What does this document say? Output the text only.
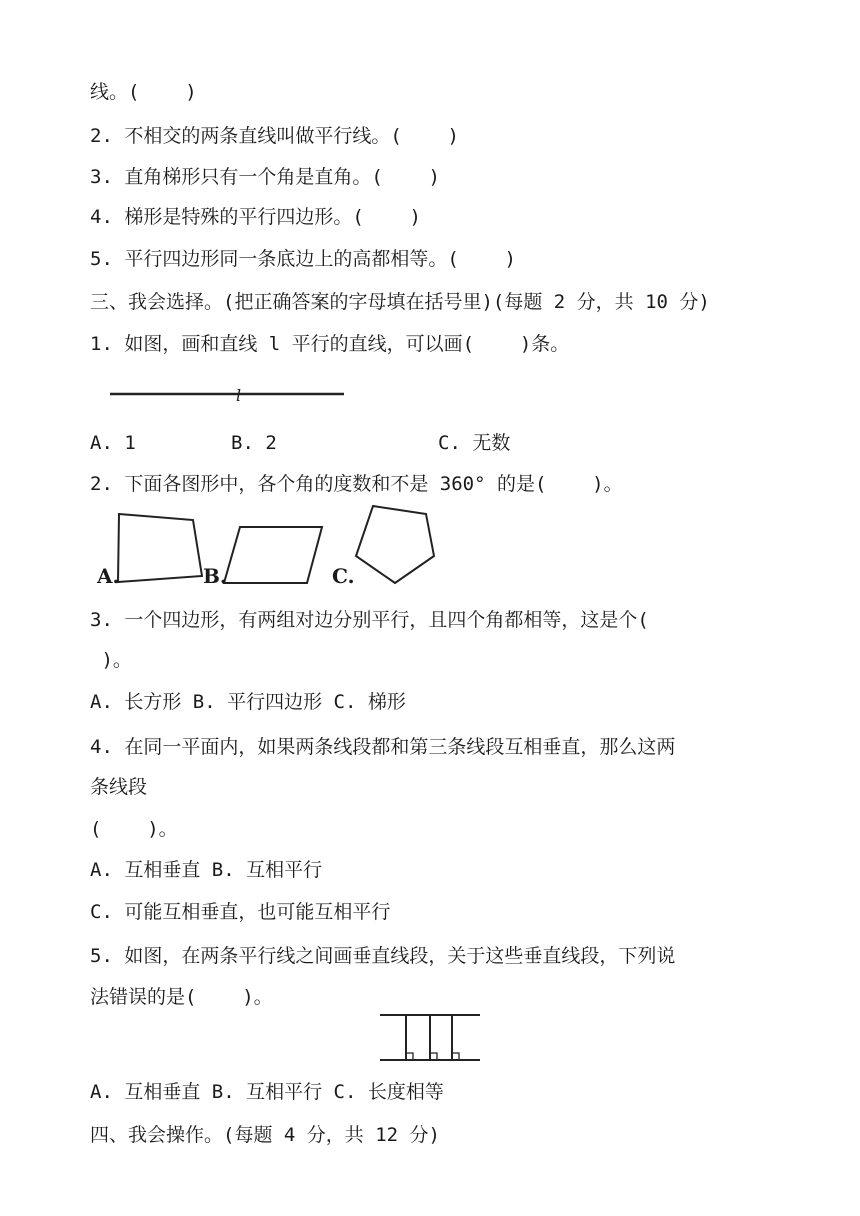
线。(    )
2. 不相交的两条直线叫做平行线。(    )
3. 直角梯形只有一个角是直角。(    )
4. 梯形是特殊的平行四边形。(    )
5. 平行四边形同一条底边上的高都相等。(    )
三、我会选择。(把正确答案的字母填在括号里)(每题 2 分，共 10 分)
1. 如图，画和直线 l 平行的直线，可以画(    )条。
l
A. 1	B. 2	C. 无数
2. 下面各图形中，各个角的度数和不是 360° 的是(    )。
A.	B.	C.
3. 一个四边形，有两组对边分别平行，且四个角都相等，这是个(
)。
A. 长方形 B. 平行四边形 C. 梯形
4. 在同一平面内，如果两条线段都和第三条线段互相垂直，那么这两
条线段
(    )。
A. 互相垂直 B. 互相平行
C. 可能互相垂直，也可能互相平行
5. 如图，在两条平行线之间画垂直线段，关于这些垂直线段，下列说
法错误的是(    )。
A. 互相垂直 B. 互相平行 C. 长度相等
四、我会操作。(每题 4 分，共 12 分)
